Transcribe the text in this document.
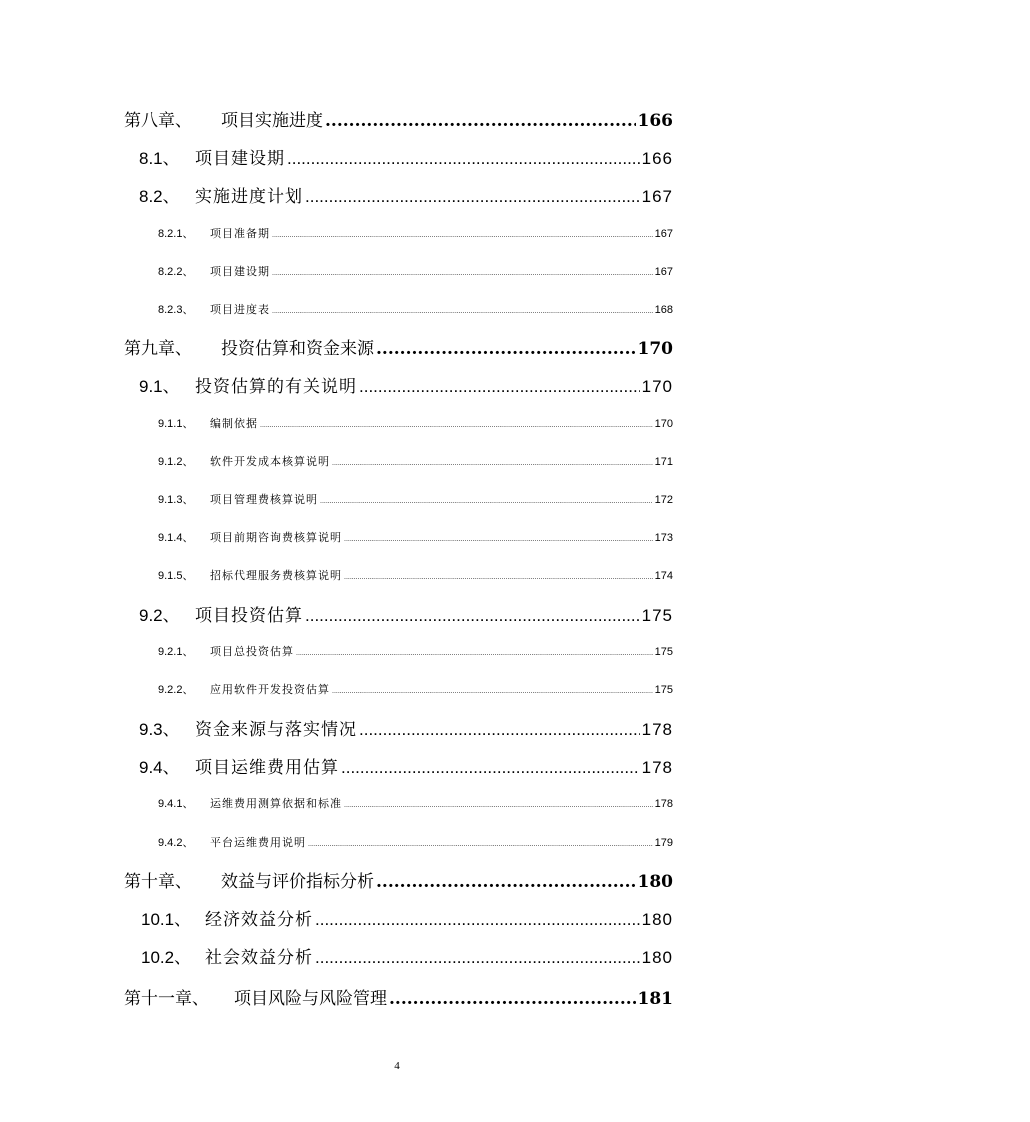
第八章、	项目实施进度 .....	166
8.1、 项目建设期 .....	166
8.2、 实施进度计划 .....	167
8.2.1、	项目准备期 .....	167
8.2.2、	项目建设期 .....	167
8.2.3、	项目进度表 .....	168
第九章、	投资估算和资金来源 .....	170
9.1、 投资估算的有关说明 .....	170
9.1.1、	编制依据 .....	170
9.1.2、	软件开发成本核算说明 .....	171
9.1.3、	项目管理费核算说明 .....	172
9.1.4、	项目前期咨询费核算说明 .....	173
9.1.5、	招标代理服务费核算说明 .....	174
9.2、 项目投资估算 .....	175
9.2.1、	项目总投资估算 .....	175
9.2.2、	应用软件开发投资估算 .....	175
9.3、 资金来源与落实情况 .....	178
9.4、 项目运维费用估算 .....	178
9.4.1、	运维费用测算依据和标准 .....	178
9.4.2、	平台运维费用说明 .....	179
第十章、	效益与评价指标分析 .....	180
10.1、 经济效益分析 .....	180
10.2、 社会效益分析 .....	180
第十一章、	项目风险与风险管理 .....	181
4
